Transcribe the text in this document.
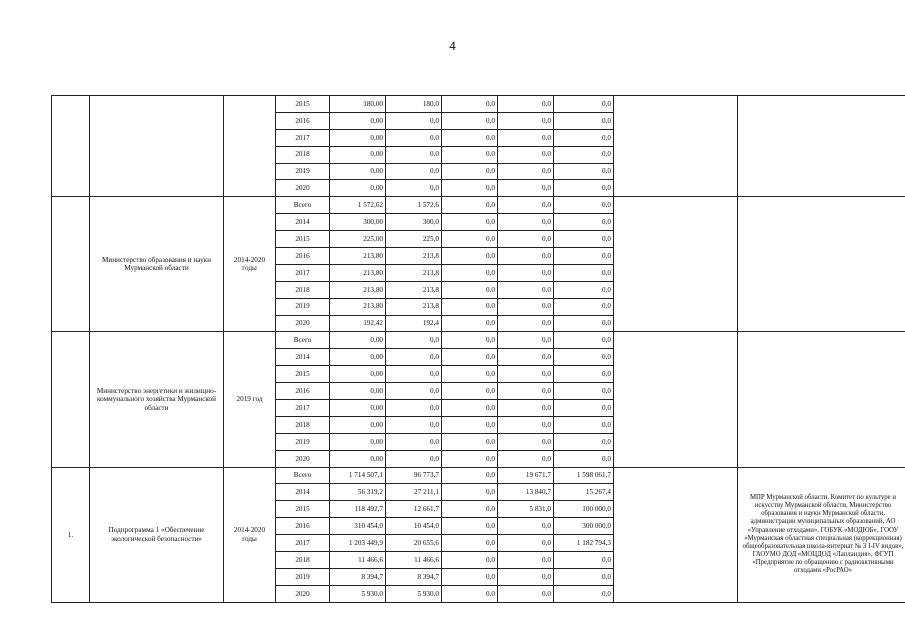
4
			2015	180,00	180,0	0,0	0,0	0,0		
			2016	0,00	0,0	0,0	0,0	0,0		
			2017	0,00	0,0	0,0	0,0	0,0		
			2018	0,00	0,0	0,0	0,0	0,0		
			2019	0,00	0,0	0,0	0,0	0,0		
			2020	0,00	0,0	0,0	0,0	0,0		
	Министерство образования и науки Мурманской области	2014-2020 годы	Всего	1 572,62	1 572,6	0,0	0,0	0,0		
			2014	300,00	300,0	0,0	0,0	0,0		
			2015	225,00	225,0	0,0	0,0	0,0		
			2016	213,80	213,8	0,0	0,0	0,0		
			2017	213,80	213,8	0,0	0,0	0,0		
			2018	213,80	213,8	0,0	0,0	0,0		
			2019	213,80	213,8	0,0	0,0	0,0		
			2020	192,42	192,4	0,0	0,0	0,0		
	Министерство энергетики и жилищно-коммунального хозяйства Мурманской области	2019 год	Всего	0,00	0,0	0,0	0,0	0,0		
			2014	0,00	0,0	0,0	0,0	0,0		
			2015	0,00	0,0	0,0	0,0	0,0		
			2016	0,00	0,0	0,0	0,0	0,0		
			2017	0,00	0,0	0,0	0,0	0,0		
			2018	0,00	0,0	0,0	0,0	0,0		
			2019	0,00	0,0	0,0	0,0	0,0		
			2020	0,00	0,0	0,0	0,0	0,0		
1.	Подпрограмма 1 «Обеспечение экологической безопасности»	2014-2020 годы	Всего	1 714 507,1	96 773,7	0,0	19 671,7	1 598 061,7		МПР Мурманской области, Комитет по культуре и искусству Мурманской области, Министерство образования и науки Мурманской области, администрации муниципальных образований, АО «Управление отходами», ГОБУК «МОДЮБ», ГООУ «Мурманская областная специальная (коррекционная) общеобразовательная школа-интернат № 3 I-IV видов», ГАОУМО ДОД «МОЦДОД «Лапландия», ФГУП «Предприятие по обращению с радиоактивными отходами «РосРАО»
			2014	56 319,2	27 211,1	0,0	13 840,7	15 267,4		
			2015	118 492,7	12 661,7	0,0	5 831,0	100 000,0		
			2016	310 454,0	10 454,0	0,0	0,0	300 000,0		
			2017	1 203 449,9	20 655,6	0,0	0,0	1 182 794,3		
			2018	11 466,6	11 466,6	0,0	0,0	0,0		
			2019	8 394,7	8 394,7	0,0	0,0	0,0		
			2020	5 930,0	5 930,0	0,0	0,0	0,0		
